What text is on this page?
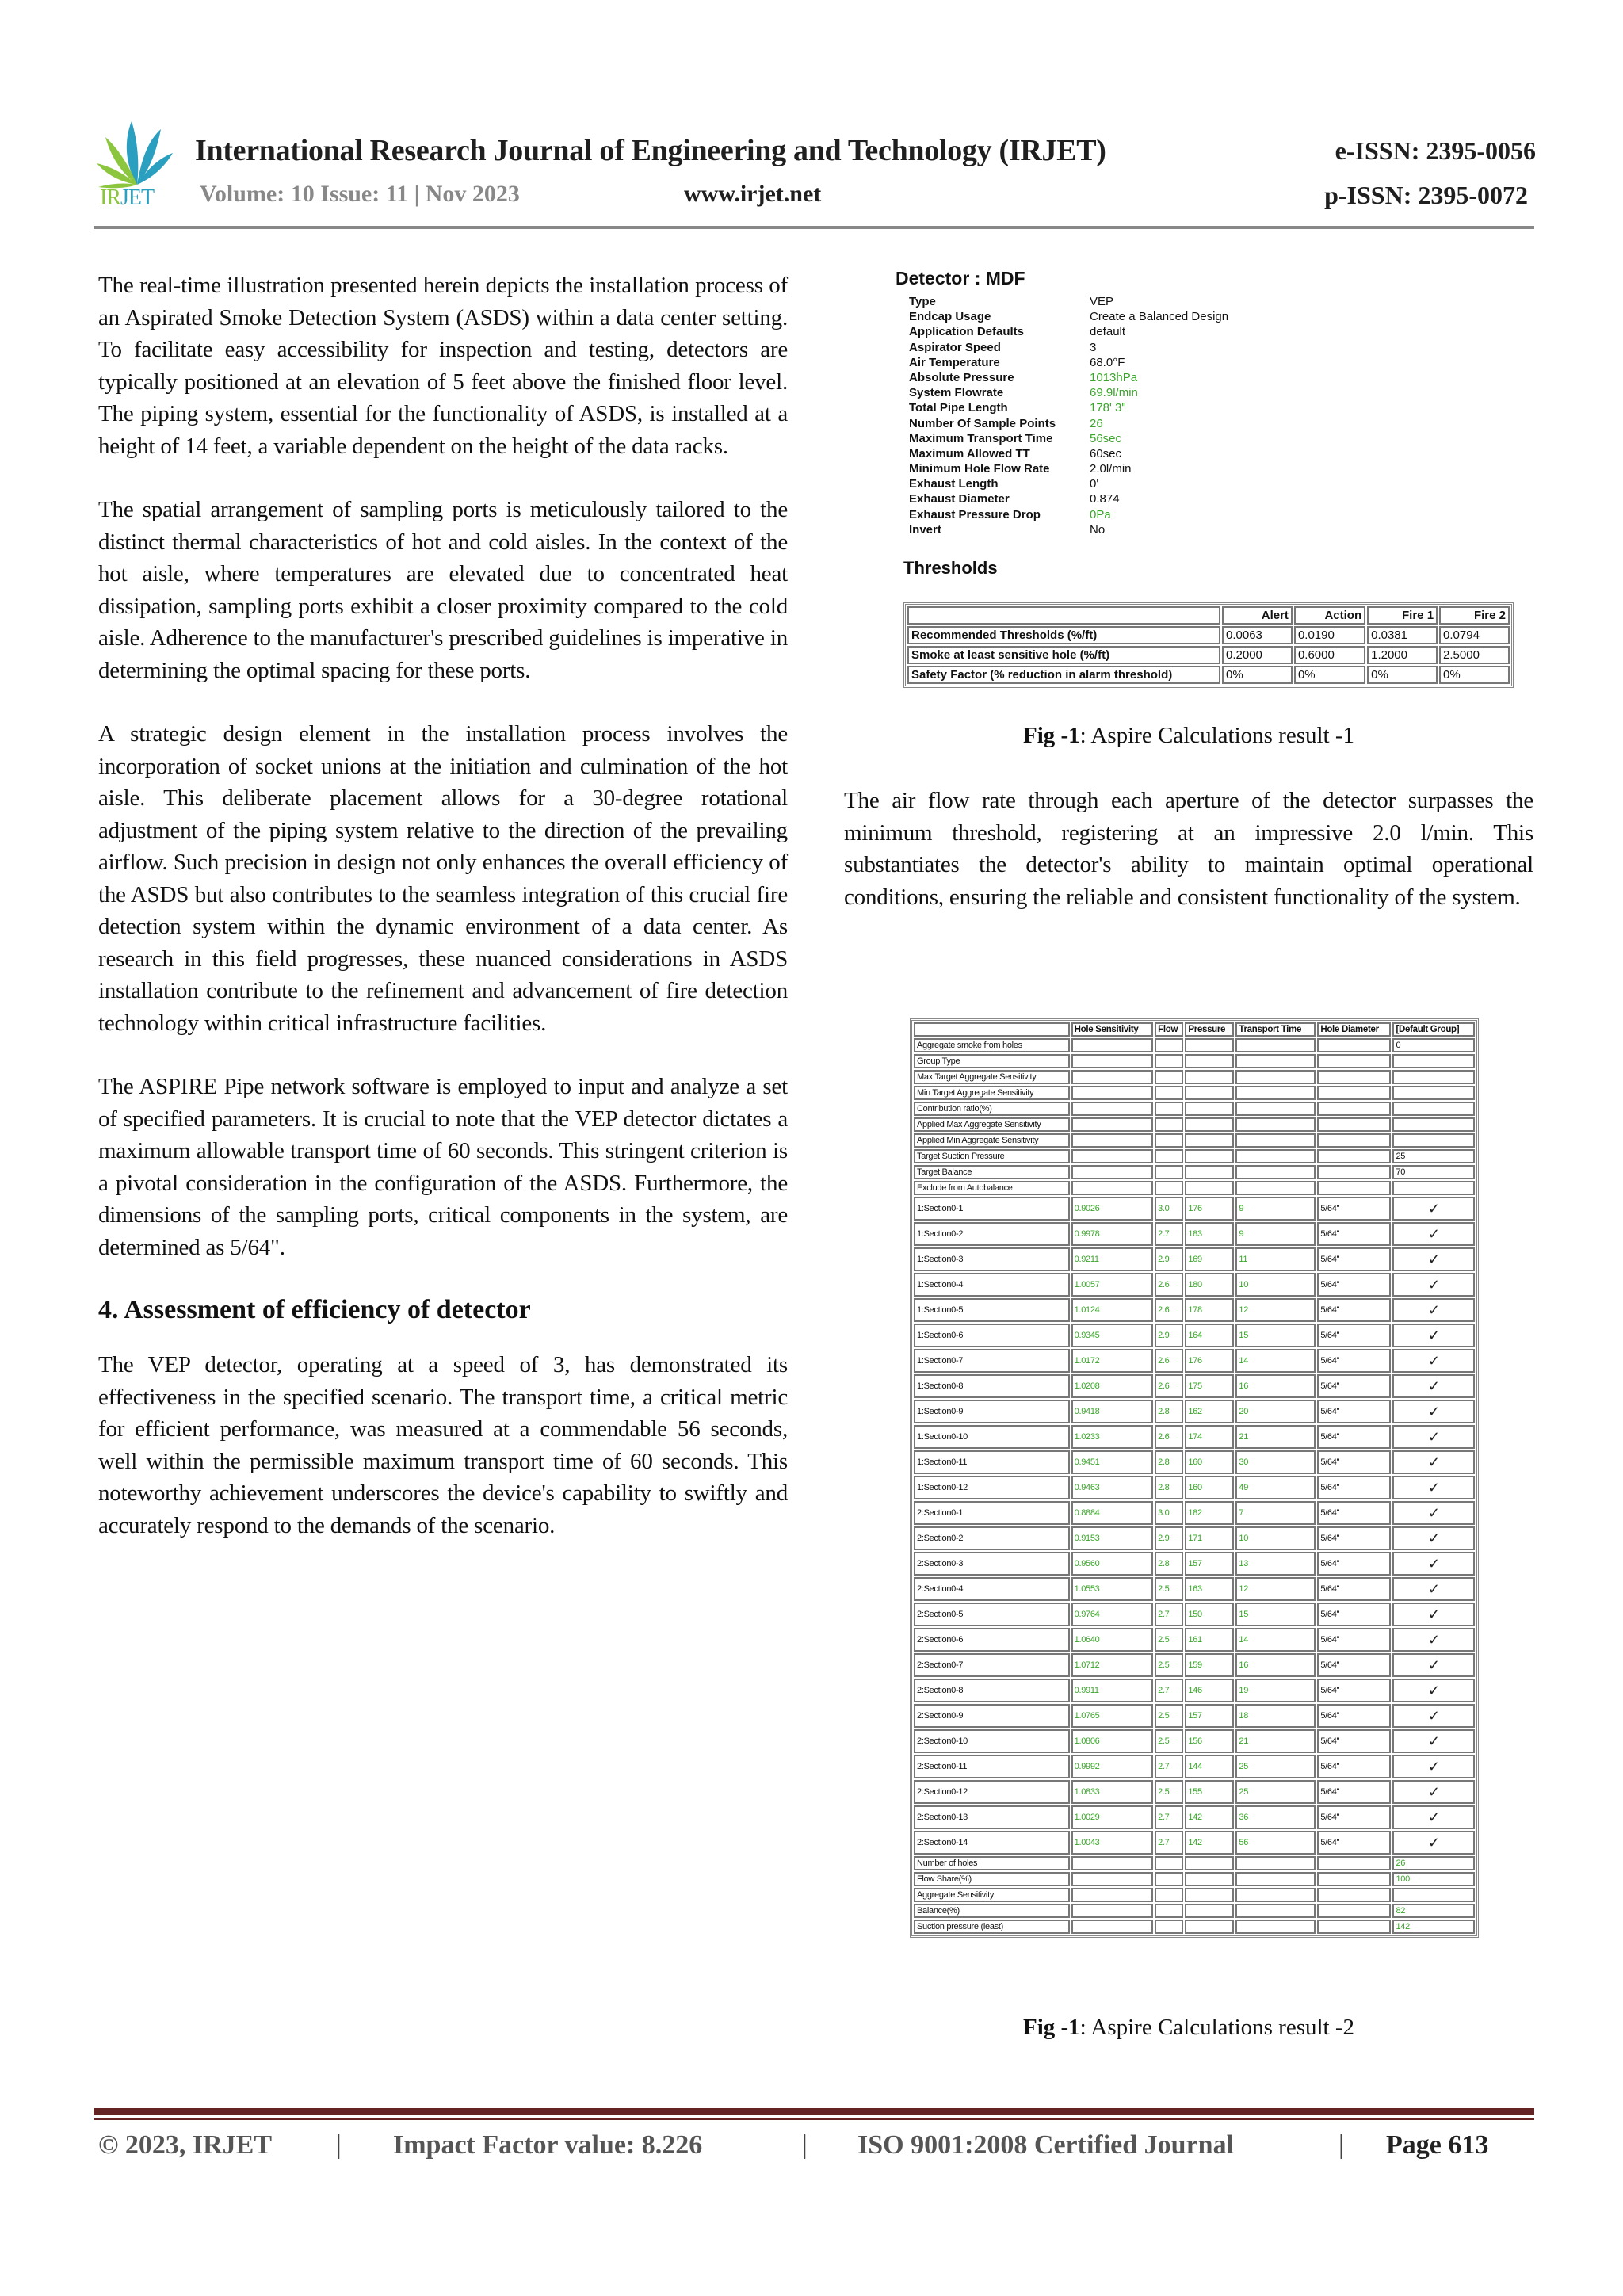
IRJET
International Research Journal of Engineering and Technology (IRJET)	e-ISSN: 2395-0056
Volume: 10 Issue: 11 | Nov 2023	www.irjet.net	p-ISSN: 2395-0072

The real-time illustration presented herein depicts the installation process of an Aspirated Smoke Detection System (ASDS) within a data center setting. To facilitate easy accessibility for inspection and testing, detectors are typically positioned at an elevation of 5 feet above the finished floor level. The piping system, essential for the functionality of ASDS, is installed at a height of 14 feet, a variable dependent on the height of the data racks.

The spatial arrangement of sampling ports is meticulously tailored to the distinct thermal characteristics of hot and cold aisles. In the context of the hot aisle, where temperatures are elevated due to concentrated heat dissipation, sampling ports exhibit a closer proximity compared to the cold aisle. Adherence to the manufacturer's prescribed guidelines is imperative in determining the optimal spacing for these ports.

A strategic design element in the installation process involves the incorporation of socket unions at the initiation and culmination of the hot aisle. This deliberate placement allows for a 30-degree rotational adjustment of the piping system relative to the direction of the prevailing airflow. Such precision in design not only enhances the overall efficiency of the ASDS but also contributes to the seamless integration of this crucial fire detection system within the dynamic environment of a data center. As research in this field progresses, these nuanced considerations in ASDS installation contribute to the refinement and advancement of fire detection technology within critical infrastructure facilities.

The ASPIRE Pipe network software is employed to input and analyze a set of specified parameters. It is crucial to note that the VEP detector dictates a maximum allowable transport time of 60 seconds. This stringent criterion is a pivotal consideration in the configuration of the ASDS. Furthermore, the dimensions of the sampling ports, critical components in the system, are determined as 5/64".

4. Assessment of efficiency of detector

The VEP detector, operating at a speed of 3, has demonstrated its effectiveness in the specified scenario. The transport time, a critical metric for efficient performance, was measured at a commendable 56 seconds, well within the permissible maximum transport time of 60 seconds. This noteworthy achievement underscores the device's capability to swiftly and accurately respond to the demands of the scenario.

Detector : MDF
Type	VEP
Endcap Usage	Create a Balanced Design
Application Defaults	default
Aspirator Speed	3
Air Temperature	68.0°F
Absolute Pressure	1013hPa
System Flowrate	69.9l/min
Total Pipe Length	178' 3"
Number Of Sample Points	26
Maximum Transport Time	56sec
Maximum Allowed TT	60sec
Minimum Hole Flow Rate	2.0l/min
Exhaust Length	0'
Exhaust Diameter	0.874
Exhaust Pressure Drop	0Pa
Invert	No
Thresholds
	Alert	Action	Fire 1	Fire 2
Recommended Thresholds (%/ft)	0.0063	0.0190	0.0381	0.0794
Smoke at least sensitive hole (%/ft)	0.2000	0.6000	1.2000	2.5000
Safety Factor (% reduction in alarm threshold)	0%	0%	0%	0%
Fig -1: Aspire Calculations result -1

The air flow rate through each aperture of the detector surpasses the minimum threshold, registering at an impressive 2.0 l/min. This substantiates the detector's ability to maintain optimal operational conditions, ensuring the reliable and consistent functionality of the system.

	Hole Sensitivity	Flow	Pressure	Transport Time	Hole Diameter	[Default Group]
Aggregate smoke from holes						0
Group Type						
Max Target Aggregate Sensitivity						
Min Target Aggregate Sensitivity						
Contribution ratio(%)						
Applied Max Aggregate Sensitivity						
Applied Min Aggregate Sensitivity						
Target Suction Pressure						25
Target Balance						70
Exclude from Autobalance						
1:Section0-1	0.9026	3.0	176	9	5/64"	✓
1:Section0-2	0.9978	2.7	183	9	5/64"	✓
1:Section0-3	0.9211	2.9	169	11	5/64"	✓
1:Section0-4	1.0057	2.6	180	10	5/64"	✓
1:Section0-5	1.0124	2.6	178	12	5/64"	✓
1:Section0-6	0.9345	2.9	164	15	5/64"	✓
1:Section0-7	1.0172	2.6	176	14	5/64"	✓
1:Section0-8	1.0208	2.6	175	16	5/64"	✓
1:Section0-9	0.9418	2.8	162	20	5/64"	✓
1:Section0-10	1.0233	2.6	174	21	5/64"	✓
1:Section0-11	0.9451	2.8	160	30	5/64"	✓
1:Section0-12	0.9463	2.8	160	49	5/64"	✓
2:Section0-1	0.8884	3.0	182	7	5/64"	✓
2:Section0-2	0.9153	2.9	171	10	5/64"	✓
2:Section0-3	0.9560	2.8	157	13	5/64"	✓
2:Section0-4	1.0553	2.5	163	12	5/64"	✓
2:Section0-5	0.9764	2.7	150	15	5/64"	✓
2:Section0-6	1.0640	2.5	161	14	5/64"	✓
2:Section0-7	1.0712	2.5	159	16	5/64"	✓
2:Section0-8	0.9911	2.7	146	19	5/64"	✓
2:Section0-9	1.0765	2.5	157	18	5/64"	✓
2:Section0-10	1.0806	2.5	156	21	5/64"	✓
2:Section0-11	0.9992	2.7	144	25	5/64"	✓
2:Section0-12	1.0833	2.5	155	25	5/64"	✓
2:Section0-13	1.0029	2.7	142	36	5/64"	✓
2:Section0-14	1.0043	2.7	142	56	5/64"	✓
Number of holes						26
Flow Share(%)						100
Aggregate Sensitivity						
Balance(%)						82
Suction pressure (least)						142
Fig -1: Aspire Calculations result -2
© 2023, IRJET | Impact Factor value: 8.226	| ISO 9001:2008 Certified Journal	| Page 613
